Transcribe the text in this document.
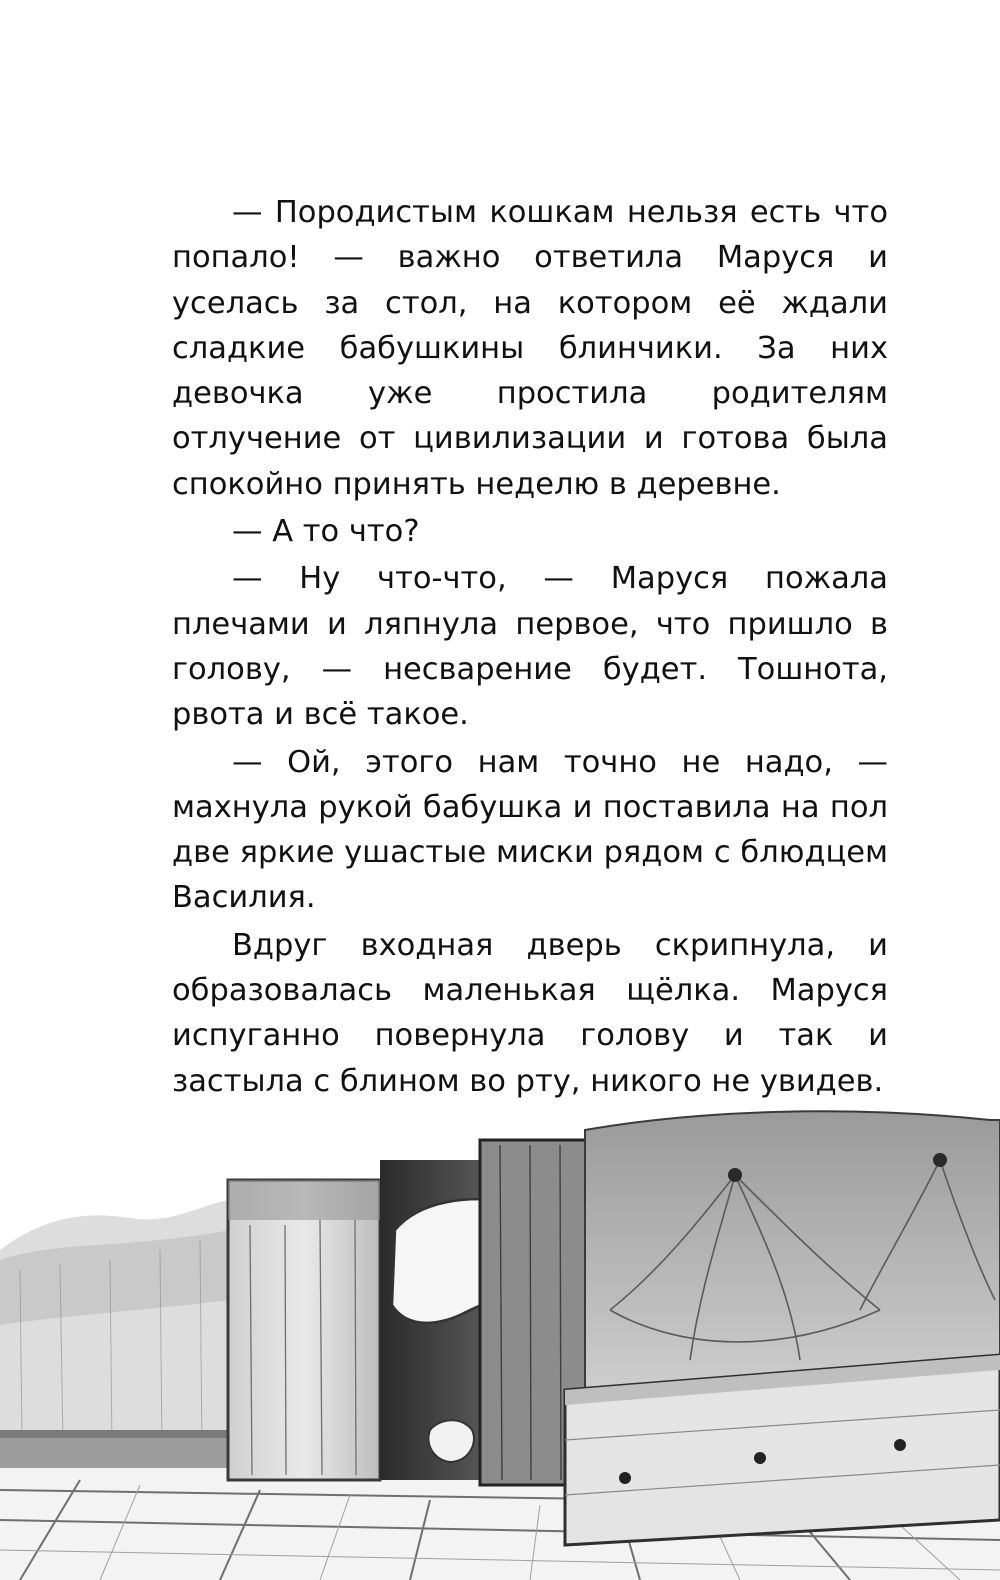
— Породистым кошкам нельзя есть что попало! — важно ответила Маруся и уселась за стол, на котором её ждали сладкие бабушкины блинчики. За них девочка уже простила родителям отлучение от цивилизации и готова была спокойно принять неделю в деревне.

— А то что?

— Ну что-что, — Маруся пожала плечами и ляпнула первое, что пришло в голову, — несварение будет. Тошнота, рвота и всё такое.

— Ой, этого нам точно не надо, — махнула рукой бабушка и поставила на пол две яркие ушастые миски рядом с блюдцем Василия.

Вдруг входная дверь скрипнула, и образовалась маленькая щёлка. Маруся испуганно повернула голову и так и застыла с блином во рту, никого не увидев.
